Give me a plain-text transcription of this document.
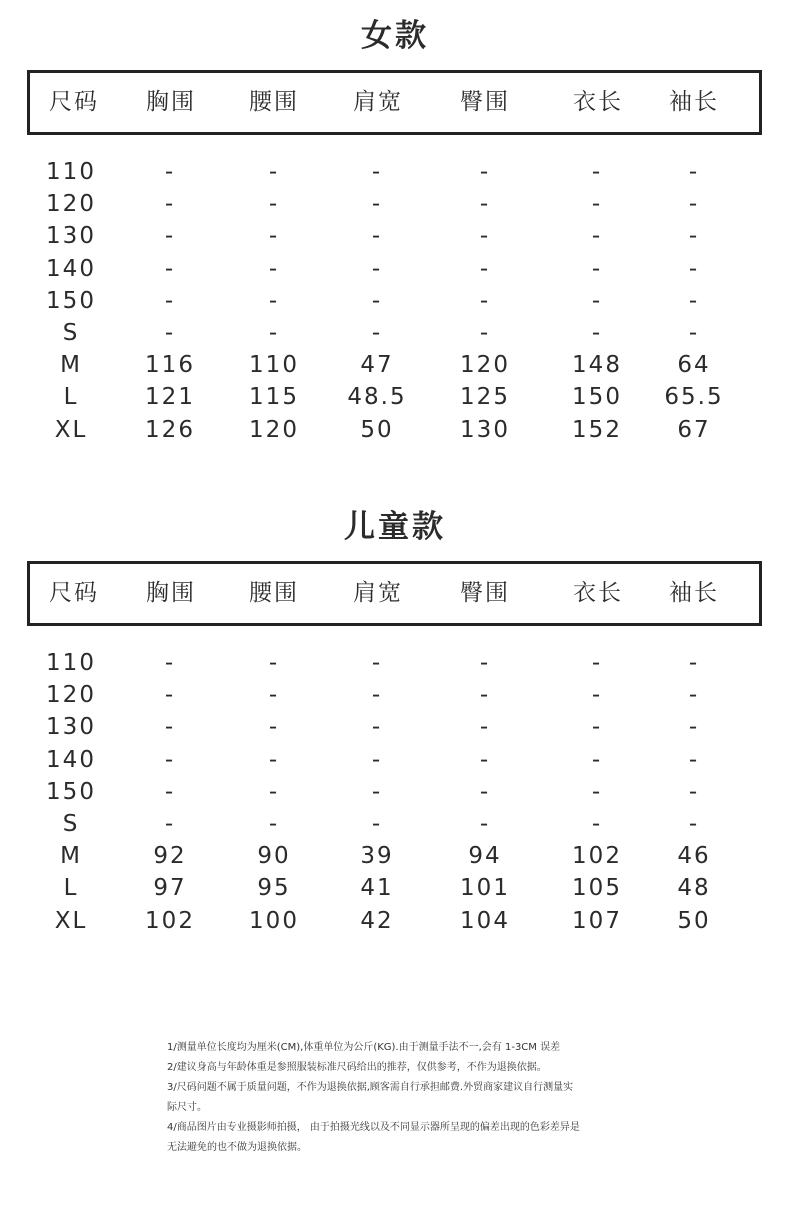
女款
尺码 胸围 腰围 肩宽 臀围	衣长 袖长
110	-	-	-	-	-	-
120	-	-	-	-	-	-
130	-	-	-	-	-	-
140	-	-	-	-	-	-
150	-	-	-	-	-	-
S	-	-	-	-	-	-
M	116 110	47	120	148 64
L	121 115 48.5 125	150 65.5
XL	126 120	50	130	152 67
儿童款
尺码 胸围 腰围 肩宽 臀围	衣长 袖长
110	-	-	-	-	-	-
120	-	-	-	-	-	-
130	-	-	-	-	-	-
140	-	-	-	-	-	-
150	-	-	-	-	-	-
S	-	-	-	-	-	-
M	92	90	39	94	102 46
L	97	95	41	101	105 48
XL	102 100	42	104	107 50
1/测量单位长度均为厘米(CM),体重单位为公斤(KG).由于测量手法不一,会有 1-3CM 误差
2/建议身高与年龄体重是参照服装标准尺码给出的推荐，仅供参考，不作为退换依据。
3/尺码问题不属于质量问题，不作为退换依据,顾客需自行承担邮费.外贸商家建议自行测量实
际尺寸。
4/商品图片由专业摄影师拍摄， 由于拍摄光线以及不同显示器所呈现的偏差出现的色彩差异是
无法避免的也不做为退换依据。
